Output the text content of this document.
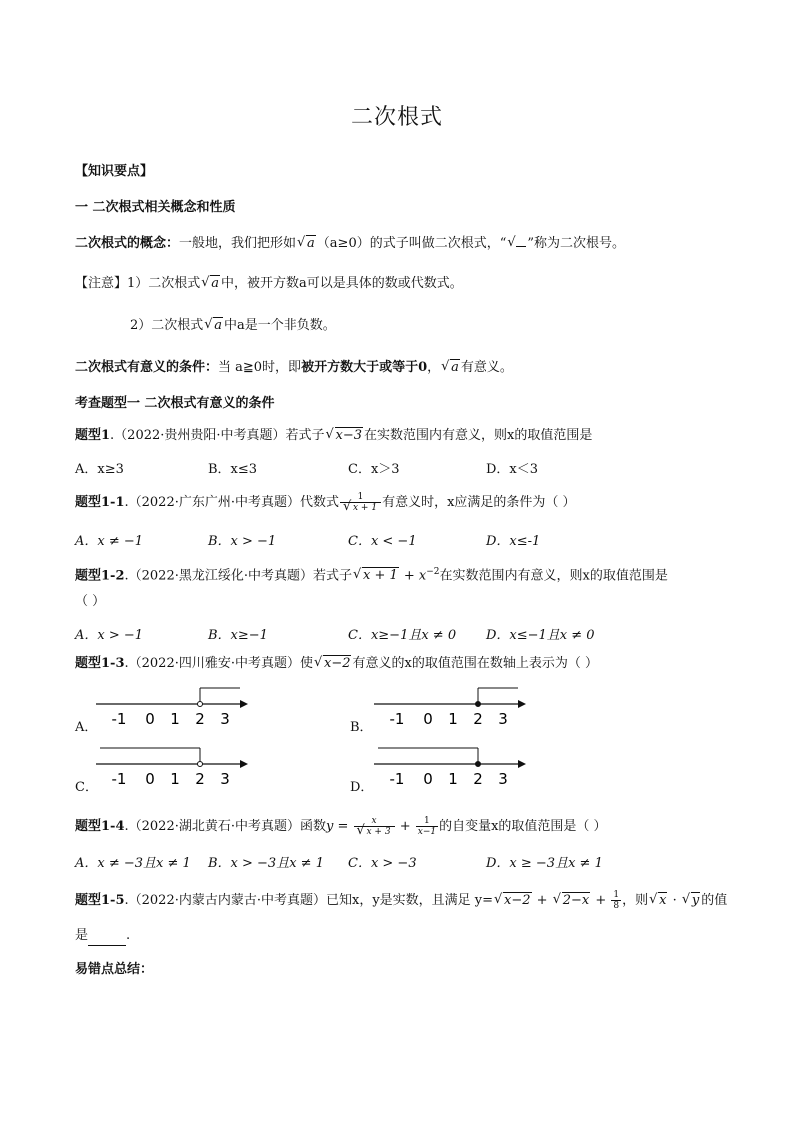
二次根式
【知识要点】
一 二次根式相关概念和性质
二次根式的概念：一般地，我们把形如 √ a （a≥0）的式子叫做二次根式，“ √ ”称为二次根号。
【注意】1）二次根式 √ a 中，被开方数a可以是具体的数或代数式。
2）二次根式 √ a 中a是一个非负数。
二次根式有意义的条件：当 a≧0时，即被开方数大于或等于0， √ a 有意义。
考查题型一 二次根式有意义的条件
题型1.（2022·贵州贵阳·中考真题）若式子 √ x−3 在实数范围内有意义，则x的取值范围是
A．x≥3	B．x≤3	C．x＞3	D．x＜3
题型1-1.（2022·广东广州·中考真题）代数式 1
√ x + 1 有意义时，x应满足的条件为（ ）
A．x ≠ −1	B．x > −1	C．x < −1	D．x≤-1
题型1-2.（2022·黑龙江绥化·中考真题）若式子 √ $x + 1 + x^{-2}$在实数范围内有意义，则x的取值范围是
（ ）
A．x > −1	B．x≥−1	C．x≥−1且x ≠ 0 D．x≤−1且x ≠ 0
题型1-3.（2022·四川雅安·中考真题）使 √ x−2 有意义的x的取值范围在数轴上表示为（ ）
A．	B．
C．	D．
-1 0 1 2 3	-1 0 1 2 3
-1 0 1 2 3	-1 0 1 2 3
题型1-4.（2022·湖北黄石·中考真题）函数y = x
√ $x + 3 + \frac{1}{x-1}$ 的自变量x的取值范围是（ ）
A．x ≠ −3且x ≠ 1 B．x > −3且x ≠ 1 C．x > −3	D．x ≥ −3且x ≠ 1
题型1-5.（2022·内蒙古内蒙古·中考真题）已知x，y是实数，且满足 y= √ x−2 + √ $2-x + \frac{1}{8}$ ，则 √ x · √ y 的值
是	.
易错点总结：
